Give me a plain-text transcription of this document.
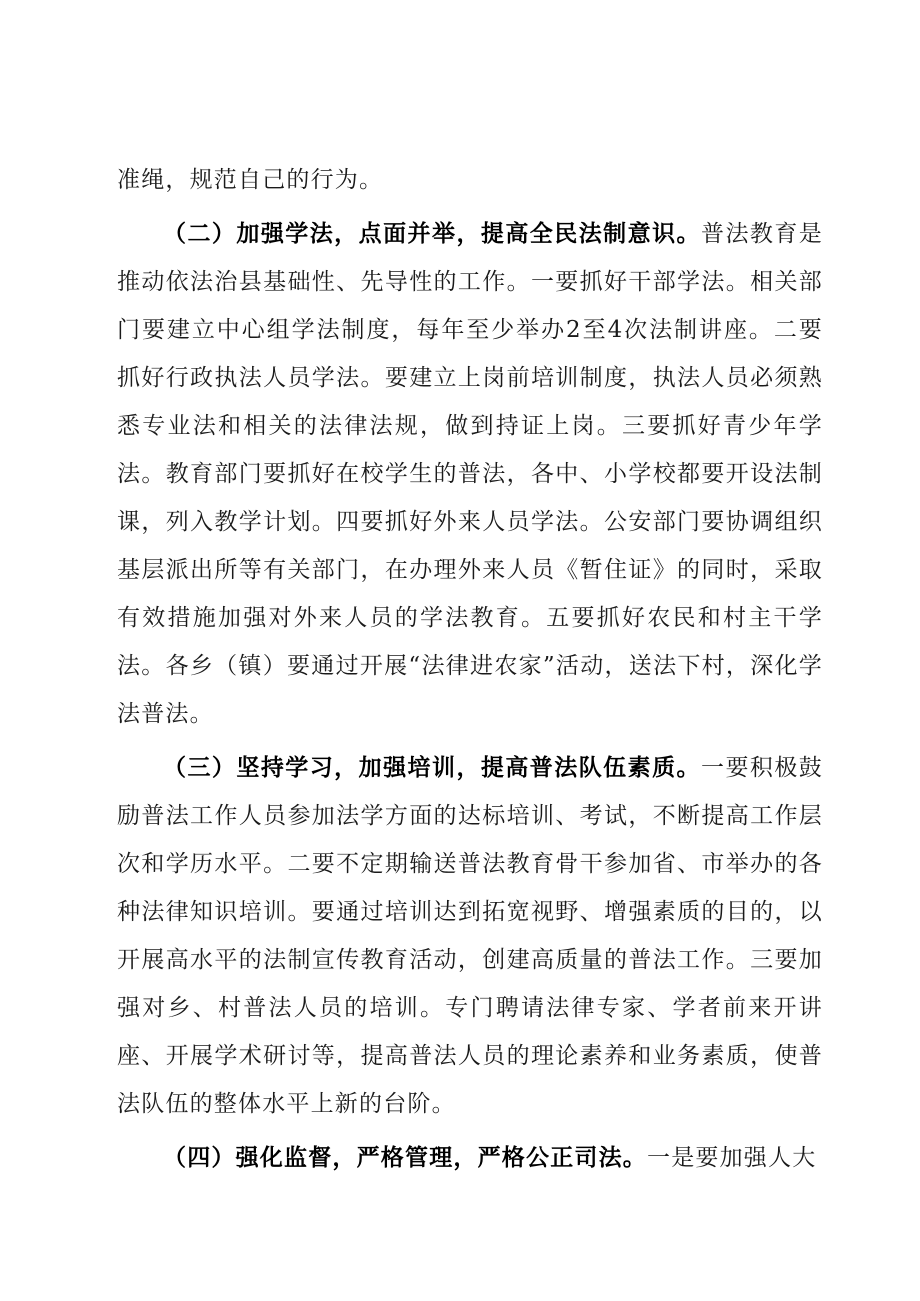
准绳，规范自己的行为。

（二）加强学法，点面并举，提高全民法制意识。普法教育是推动依法治县基础性、先导性的工作。一要抓好干部学法。相关部门要建立中心组学法制度，每年至少举办2至4次法制讲座。二要抓好行政执法人员学法。要建立上岗前培训制度，执法人员必须熟悉专业法和相关的法律法规，做到持证上岗。三要抓好青少年学法。教育部门要抓好在校学生的普法，各中、小学校都要开设法制课，列入教学计划。四要抓好外来人员学法。公安部门要协调组织基层派出所等有关部门，在办理外来人员《暂住证》的同时，采取有效措施加强对外来人员的学法教育。五要抓好农民和村主干学法。各乡（镇）要通过开展“法律进农家”活动，送法下村，深化学法普法。

（三）坚持学习，加强培训，提高普法队伍素质。一要积极鼓励普法工作人员参加法学方面的达标培训、考试，不断提高工作层次和学历水平。二要不定期输送普法教育骨干参加省、市举办的各种法律知识培训。要通过培训达到拓宽视野、增强素质的目的，以开展高水平的法制宣传教育活动，创建高质量的普法工作。三要加强对乡、村普法人员的培训。专门聘请法律专家、学者前来开讲座、开展学术研讨等，提高普法人员的理论素养和业务素质，使普法队伍的整体水平上新的台阶。

（四）强化监督，严格管理，严格公正司法。一是要加强人大
